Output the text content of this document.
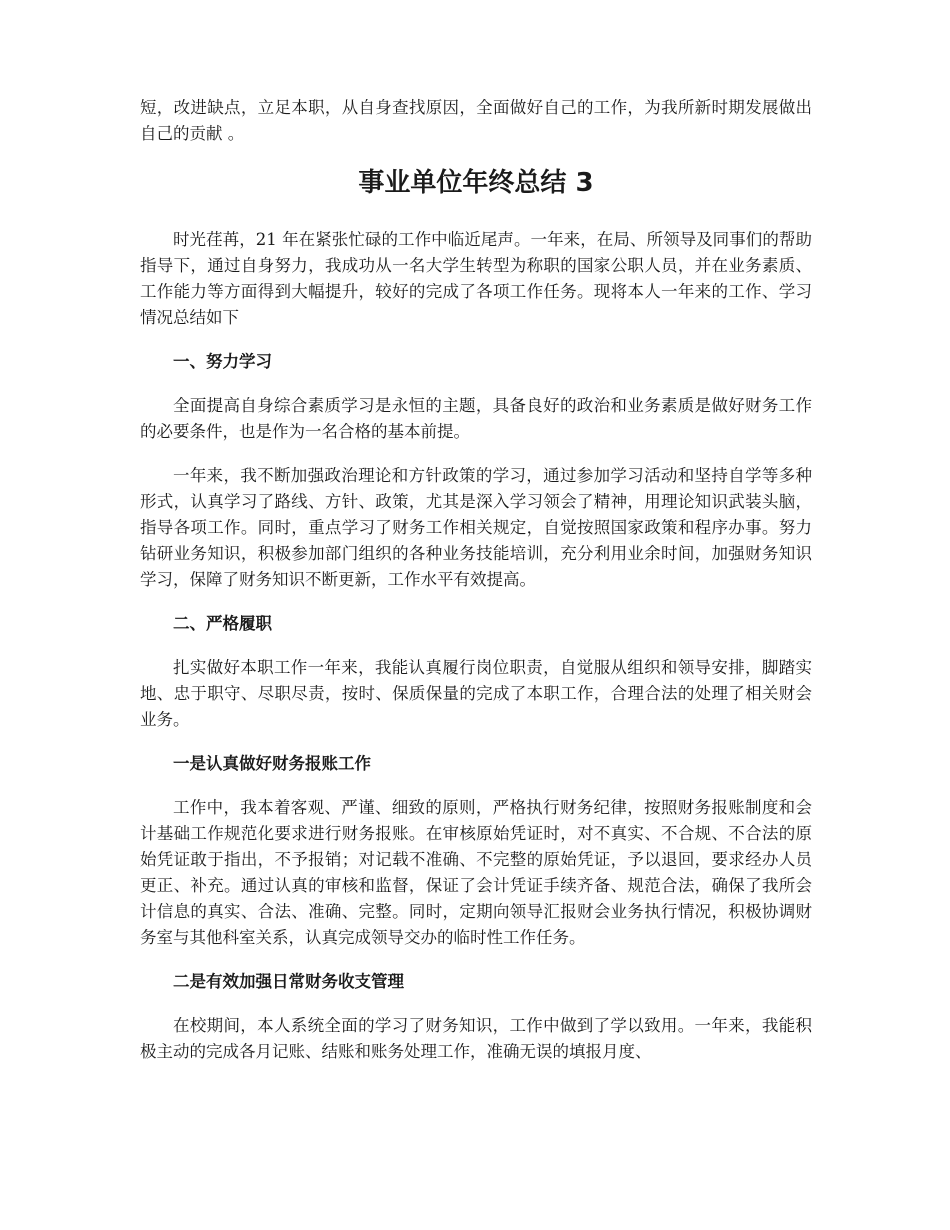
短，改进缺点，立足本职，从自身查找原因，全面做好自己的工作，为我所新时期发展做出自己的贡献 。

事业单位年终总结 3

时光荏苒，21 年在紧张忙碌的工作中临近尾声。一年来，在局、所领导及同事们的帮助指导下，通过自身努力，我成功从一名大学生转型为称职的国家公职人员，并在业务素质、工作能力等方面得到大幅提升，较好的完成了各项工作任务。现将本人一年来的工作、学习情况总结如下

一、努力学习

全面提高自身综合素质学习是永恒的主题，具备良好的政治和业务素质是做好财务工作的必要条件，也是作为一名合格的基本前提。

一年来，我不断加强政治理论和方针政策的学习，通过参加学习活动和坚持自学等多种形式，认真学习了路线、方针、政策，尤其是深入学习领会了精神，用理论知识武装头脑，指导各项工作。同时，重点学习了财务工作相关规定，自觉按照国家政策和程序办事。努力钻研业务知识，积极参加部门组织的各种业务技能培训，充分利用业余时间，加强财务知识学习，保障了财务知识不断更新，工作水平有效提高。

二、严格履职

扎实做好本职工作一年来，我能认真履行岗位职责，自觉服从组织和领导安排，脚踏实地、忠于职守、尽职尽责，按时、保质保量的完成了本职工作，合理合法的处理了相关财会业务。

一是认真做好财务报账工作

工作中，我本着客观、严谨、细致的原则，严格执行财务纪律，按照财务报账制度和会计基础工作规范化要求进行财务报账。在审核原始凭证时，对不真实、不合规、不合法的原始凭证敢于指出，不予报销；对记载不准确、不完整的原始凭证，予以退回，要求经办人员更正、补充。通过认真的审核和监督，保证了会计凭证手续齐备、规范合法，确保了我所会计信息的真实、合法、准确、完整。同时，定期向领导汇报财会业务执行情况，积极协调财务室与其他科室关系，认真完成领导交办的临时性工作任务。

二是有效加强日常财务收支管理

在校期间，本人系统全面的学习了财务知识，工作中做到了学以致用。一年来，我能积极主动的完成各月记账、结账和账务处理工作，准确无误的填报月度、
